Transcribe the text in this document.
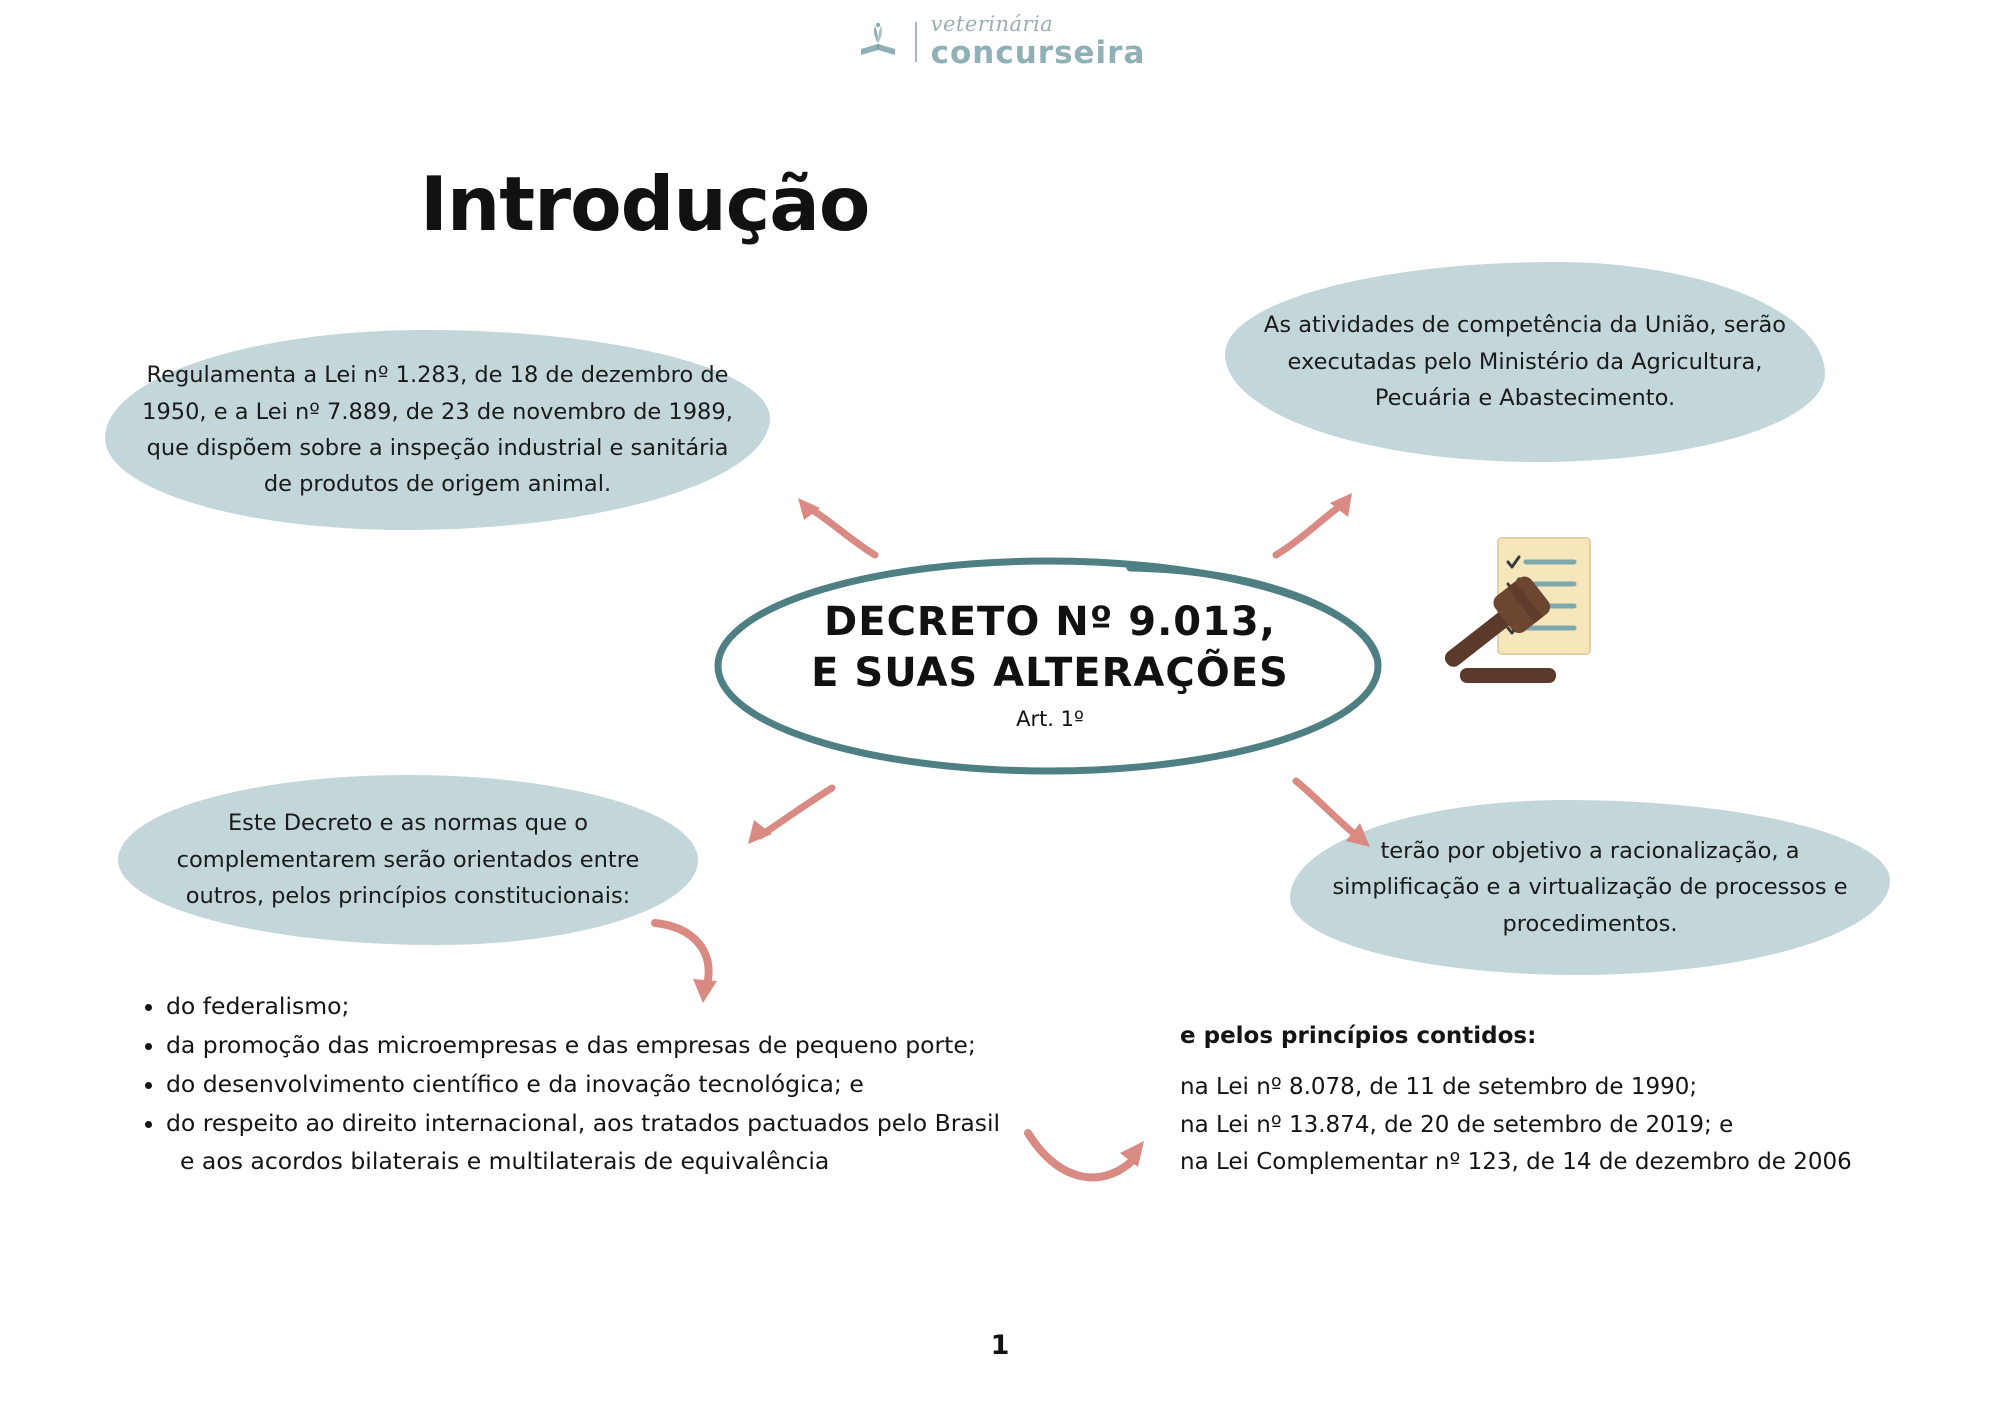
veterinária
concurseira
Introdução
Regulamenta a Lei nº 1.283, de 18 de dezembro de 1950, e a Lei nº 7.889, de 23 de novembro de 1989, que dispõem sobre a inspeção industrial e sanitária de produtos de origem animal.
As atividades de competência da União, serão executadas pelo Ministério da Agricultura, Pecuária e Abastecimento.
Este Decreto e as normas que o complementarem serão orientados entre outros, pelos princípios constitucionais:
terão por objetivo a racionalização, a simplificação e a virtualização de processos e procedimentos.
DECRETO Nº 9.013,
E SUAS ALTERAÇÕES
Art. 1º
• do federalismo;
• da promoção das microempresas e das empresas de pequeno porte;
• do desenvolvimento científico e da inovação tecnológica; e
• do respeito ao direito internacional, aos tratados pactuados pelo Brasil
e aos acordos bilaterais e multilaterais de equivalência
e pelos princípios contidos:
na Lei nº 8.078, de 11 de setembro de 1990;
na Lei nº 13.874, de 20 de setembro de 2019; e
na Lei Complementar nº 123, de 14 de dezembro de 2006
1
